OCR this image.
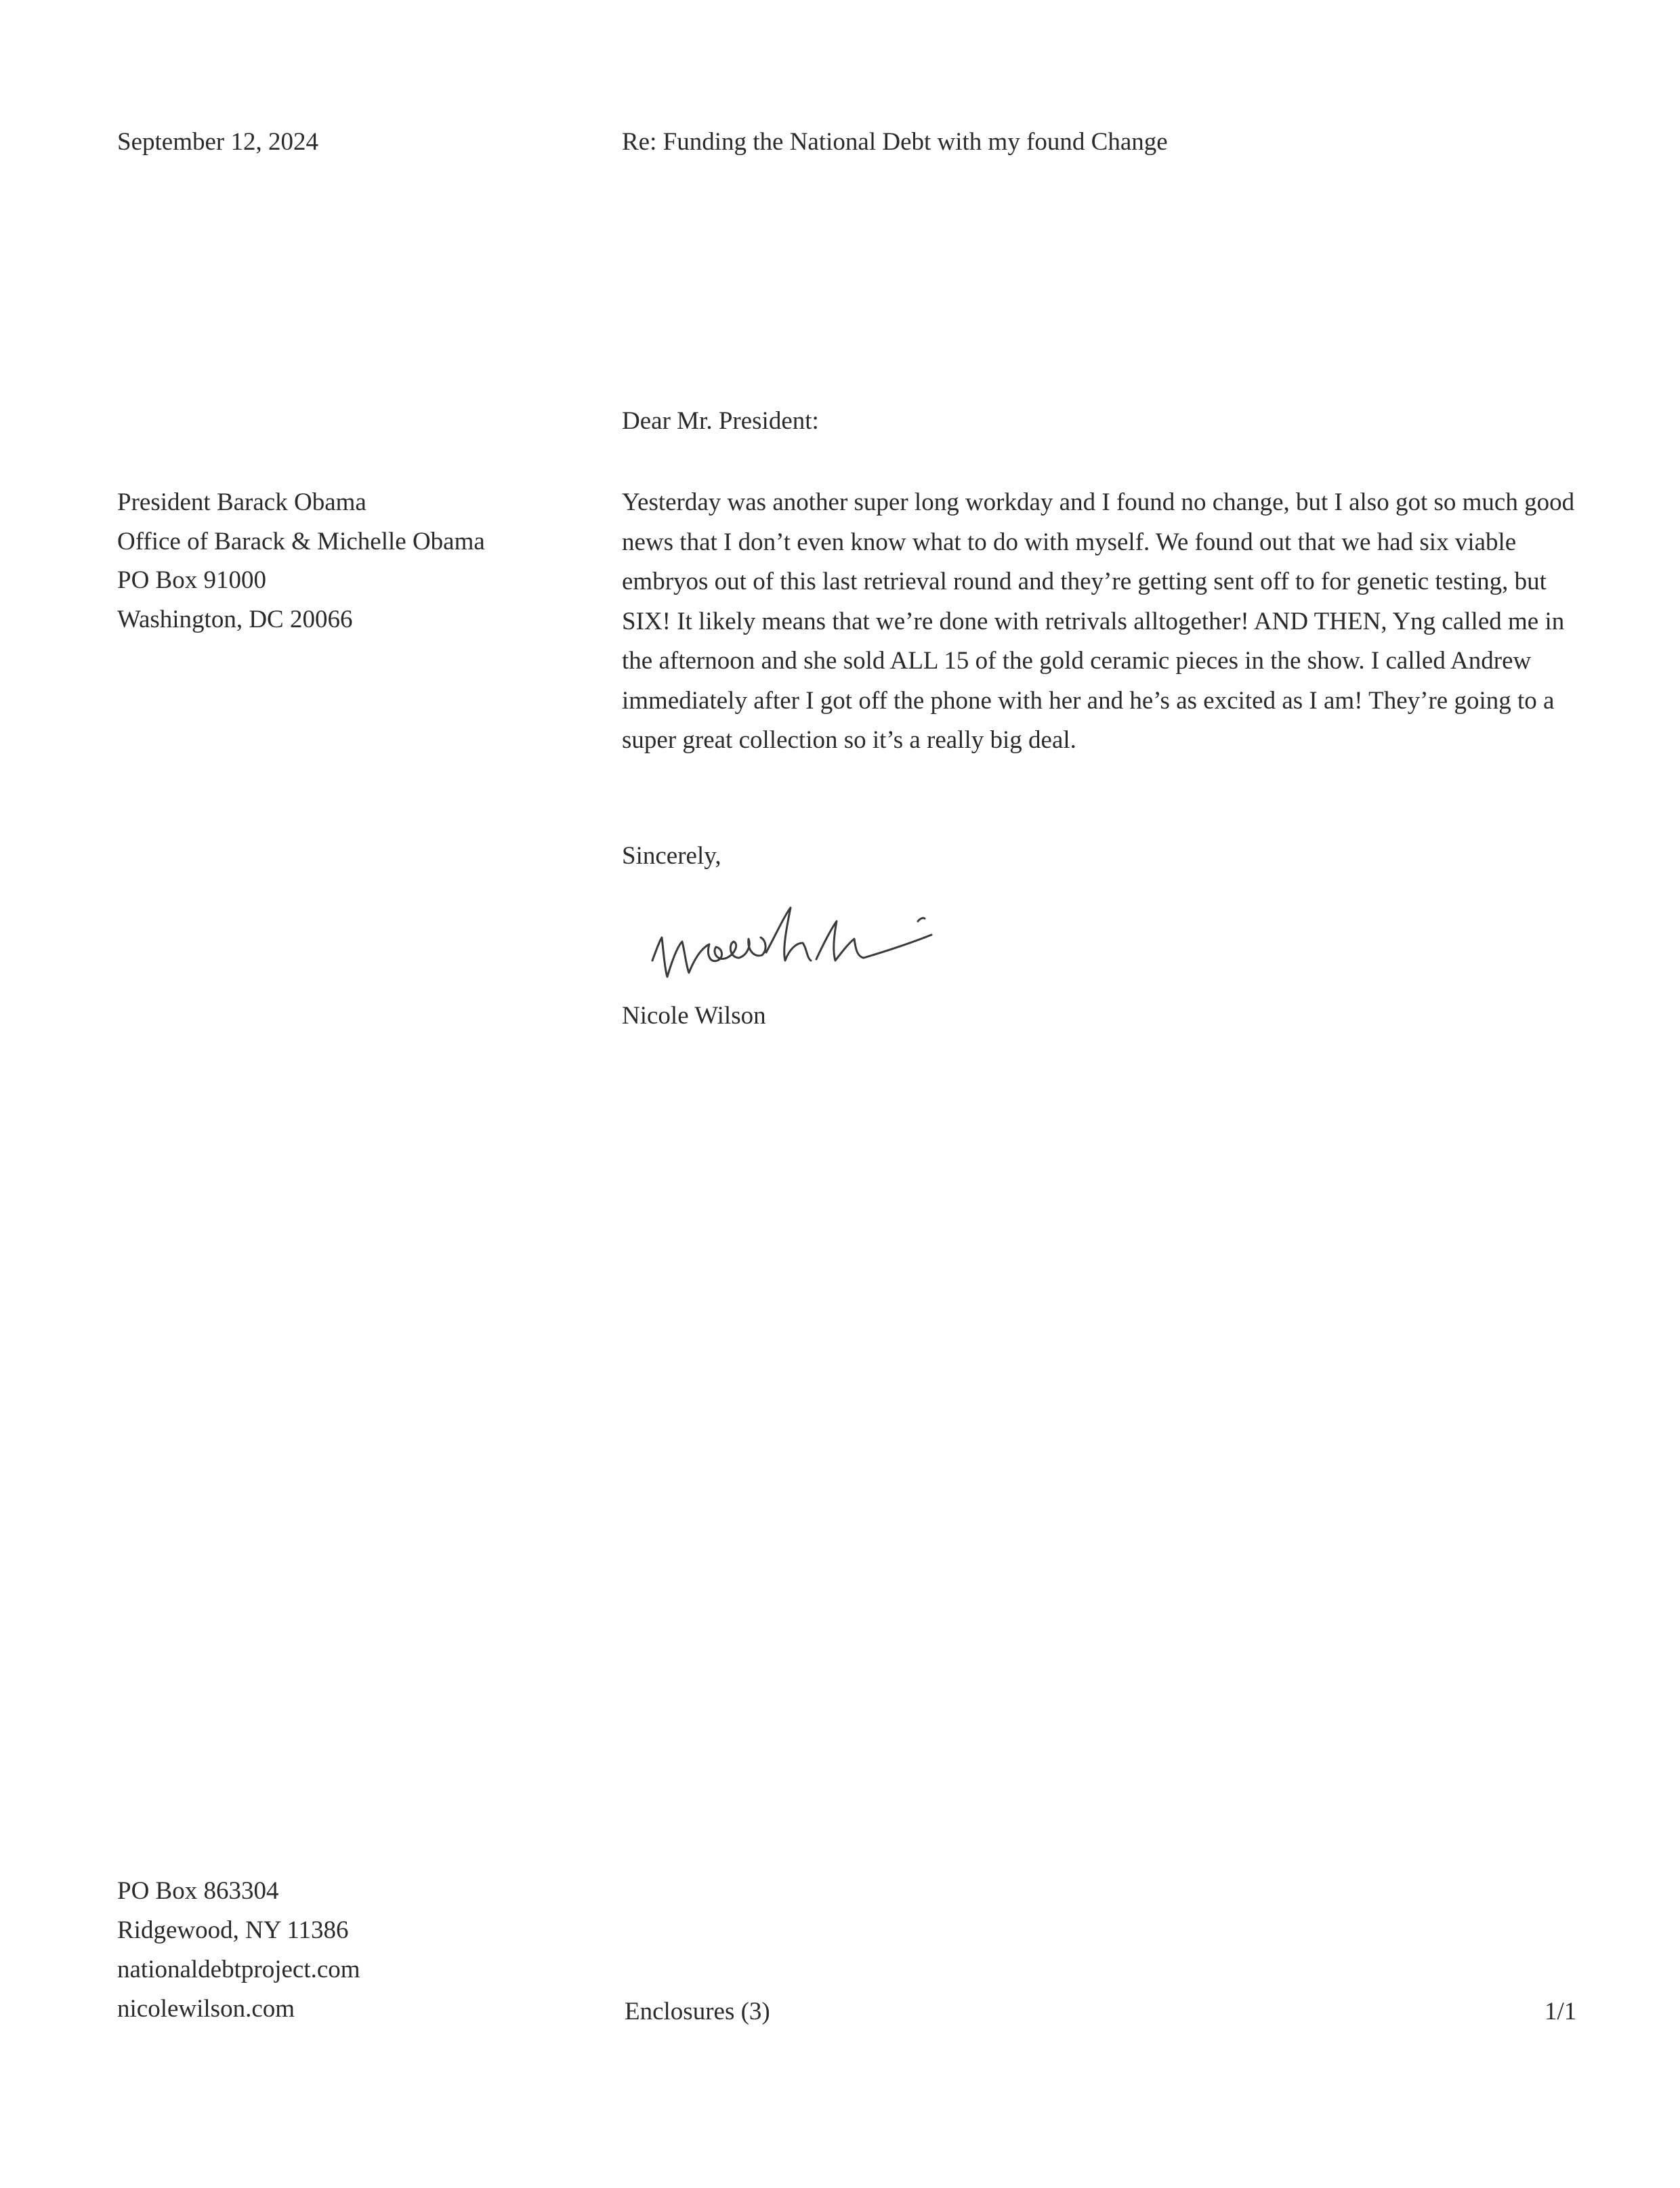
September 12, 2024	Re: Funding the National Debt with my found Change
Dear Mr. President:
President Barack Obama
Office of Barack & Michelle Obama
PO Box 91000
Washington, DC 20066
Yesterday was another super long workday and I found no change, but I also got so much good news that I don’t even know what to do with myself. We found out that we had six viable embryos out of this last retrieval round and they’re getting sent off to for genetic testing, but SIX! It likely means that we’re done with retrivals alltogether! AND THEN, Yng called me in the afternoon and she sold ALL 15 of the gold ceramic pieces in the show. I called Andrew immediately after I got off the phone with her and he’s as excited as I am! They’re going to a super great collection so it’s a really big deal.
Sincerely,
Nicole Wilson
PO Box 863304
Ridgewood, NY 11386
nationaldebtproject.com
nicolewilson.com	Enclosures (3)	1/1
